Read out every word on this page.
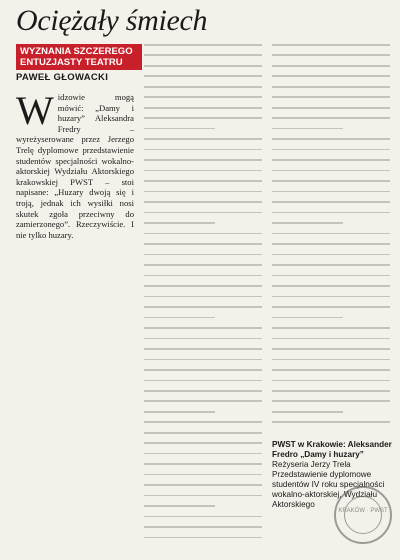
Ociężały śmiech
WYZNANIA SZCZEREGO ENTUZJASTY TEATRU
PAWEŁ GŁOWACKI
W idzowie mogą mówić: „Damy i huzary” Aleksandra Fredry – wyreżyserowane przez Jerzego Trelę dyplomowe przedstawienie studentów specjalności wokalno-aktorskiej Wydziału Aktorskiego krakowskiej PWST – stoi napisane: „Huzary dwoją się i troją, jednak ich wysiłki nosi skutek zgoła przeciwny do zamierzonego”. Rzeczywiście. I nie tylko huzary.
PWST w Krakowie: Aleksander Fredro „Damy i huzary”
Reżyseria Jerzy Trela
Przedstawienie dyplomowe studentów IV roku specjalności wokalno-aktorskiej, Wydziału Aktorskiego
KRAKÓW · PWST
